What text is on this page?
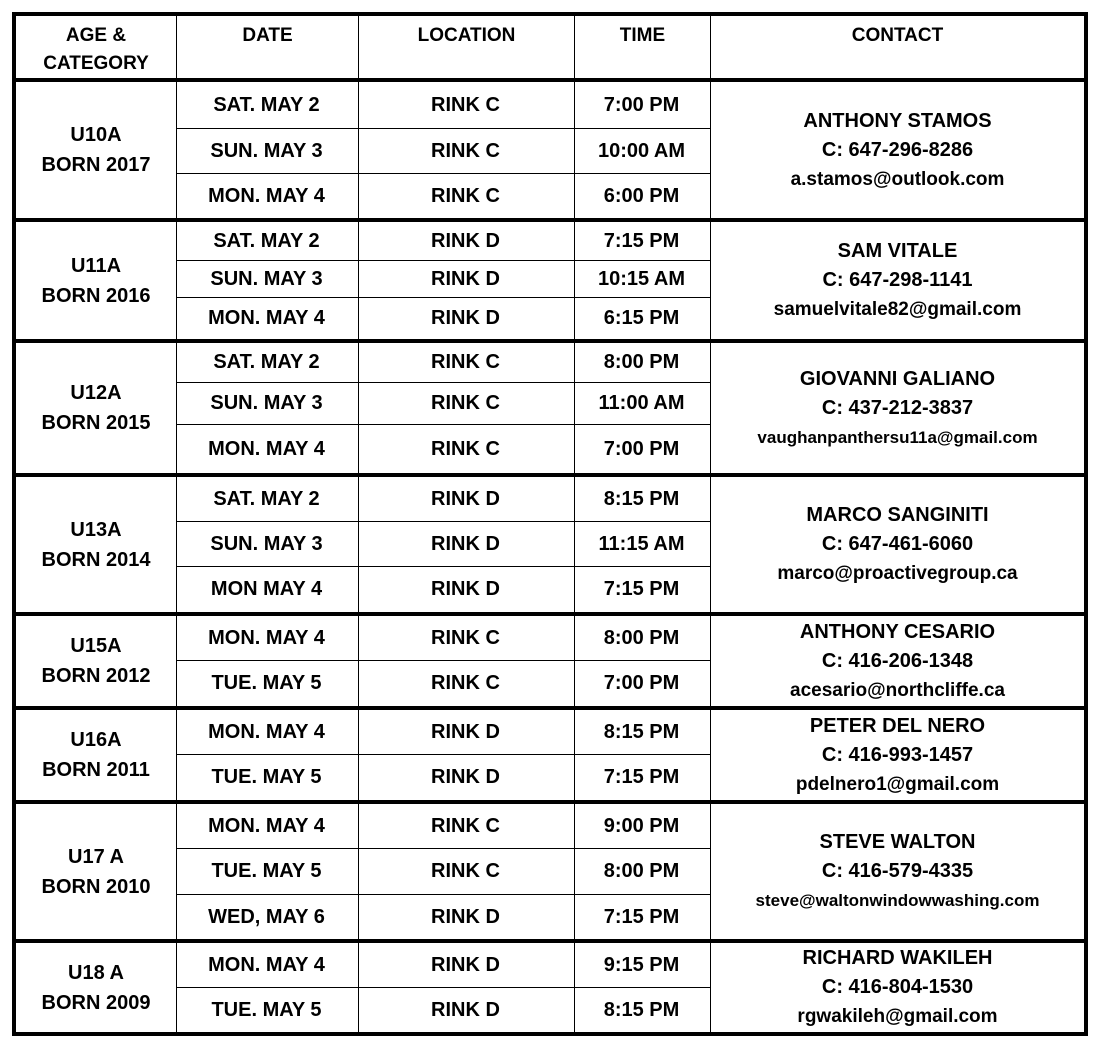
AGE &
CATEGORY
DATE	LOCATION	TIME	CONTACT
U10A
BORN 2017
SAT. MAY 2	RINK C	7:00 PM
SUN. MAY 3	RINK C	10:00 AM
MON. MAY 4	RINK C	6:00 PM
ANTHONY STAMOS
C: 647-296-8286
a.stamos@outlook.com
U11A
BORN 2016
SAT. MAY 2	RINK D	7:15 PM
SUN. MAY 3	RINK D	10:15 AM
MON. MAY 4	RINK D	6:15 PM
SAM VITALE
C: 647-298-1141
samuelvitale82@gmail.com
U12A
BORN 2015
SAT. MAY 2	RINK C	8:00 PM
SUN. MAY 3	RINK C	11:00 AM
MON. MAY 4	RINK C	7:00 PM
GIOVANNI GALIANO
C: 437-212-3837
vaughanpanthersu11a@gmail.com
U13A
BORN 2014
SAT. MAY 2	RINK D	8:15 PM
SUN. MAY 3	RINK D	11:15 AM
MON MAY 4	RINK D	7:15 PM
MARCO SANGINITI
C: 647-461-6060
marco@proactivegroup.ca
U15A
BORN 2012
MON. MAY 4	RINK C	8:00 PM
TUE. MAY 5	RINK C	7:00 PM
ANTHONY CESARIO
C: 416-206-1348
acesario@northcliffe.ca
U16A
BORN 2011
MON. MAY 4	RINK D	8:15 PM
TUE. MAY 5	RINK D	7:15 PM
PETER DEL NERO
C: 416-993-1457
pdelnero1@gmail.com
U17 A
BORN 2010
MON. MAY 4	RINK C	9:00 PM
TUE. MAY 5	RINK C	8:00 PM
WED, MAY 6	RINK D	7:15 PM
STEVE WALTON
C: 416-579-4335
steve@waltonwindowwashing.com
U18 A
BORN 2009
MON. MAY 4	RINK D	9:15 PM
TUE. MAY 5	RINK D	8:15 PM
RICHARD WAKILEH
C: 416-804-1530
rgwakileh@gmail.com
